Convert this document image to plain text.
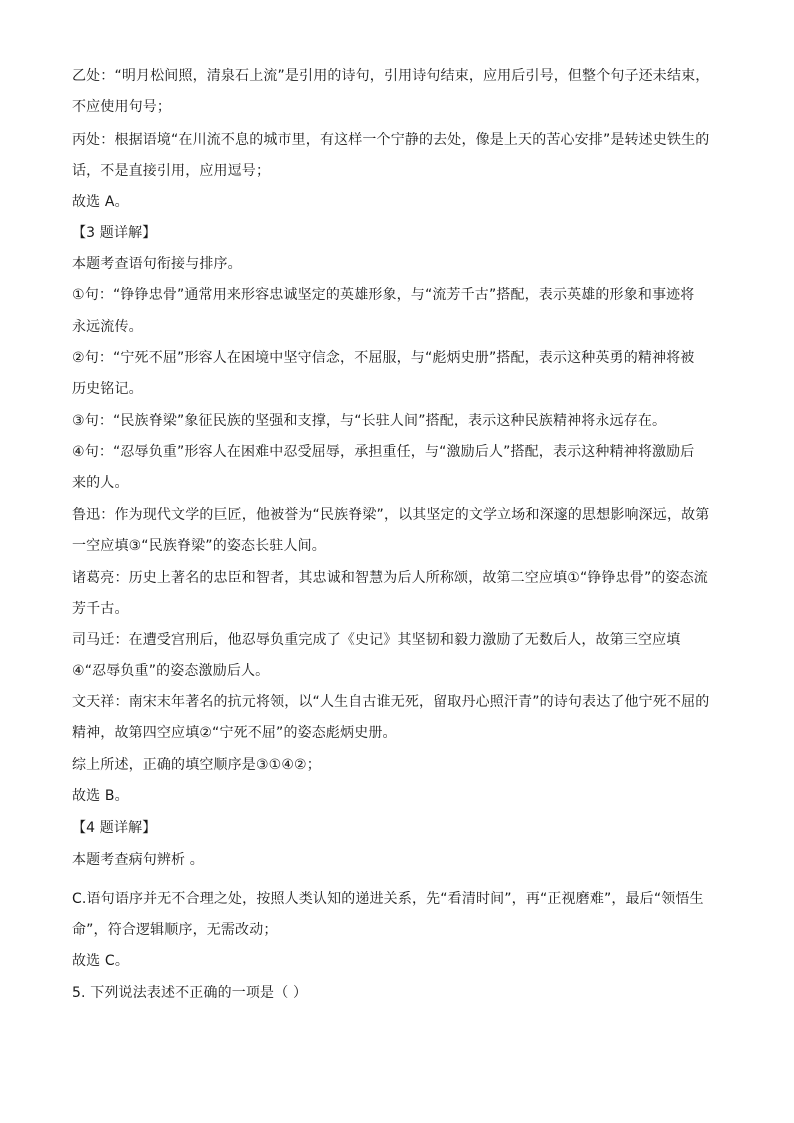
乙处：“明月松间照，清泉石上流”是引用的诗句，引用诗句结束，应用后引号，但整个句子还未结束，
不应使用句号；
丙处：根据语境“在川流不息的城市里，有这样一个宁静的去处，像是上天的苦心安排”是转述史铁生的
话，不是直接引用，应用逗号；
故选 A。
【3 题详解】
本题考查语句衔接与排序。
①句：“铮铮忠骨”通常用来形容忠诚坚定的英雄形象，与“流芳千古”搭配，表示英雄的形象和事迹将
永远流传。
②句：“宁死不屈”形容人在困境中坚守信念，不屈服，与“彪炳史册”搭配，表示这种英勇的精神将被
历史铭记。
③句：“民族脊梁”象征民族的坚强和支撑，与“长驻人间”搭配，表示这种民族精神将永远存在。
④句：“忍辱负重”形容人在困难中忍受屈辱，承担重任，与“激励后人”搭配，表示这种精神将激励后
来的人。
鲁迅：作为现代文学的巨匠，他被誉为“民族脊梁”，以其坚定的文学立场和深邃的思想影响深远，故第
一空应填③“民族脊梁”的姿态长驻人间。
诸葛亮：历史上著名的忠臣和智者，其忠诚和智慧为后人所称颂，故第二空应填①“铮铮忠骨”的姿态流
芳千古。
司马迁：在遭受宫刑后，他忍辱负重完成了《史记》其坚韧和毅力激励了无数后人，故第三空应填
④“忍辱负重”的姿态激励后人。
文天祥：南宋末年著名的抗元将领，以“人生自古谁无死，留取丹心照汗青”的诗句表达了他宁死不屈的
精神，故第四空应填②“宁死不屈”的姿态彪炳史册。
综上所述，正确的填空顺序是③①④②；
故选 B。
【4 题详解】
本题考查病句辨析 。
C.语句语序并无不合理之处，按照人类认知的递进关系，先“看清时间”，再“正视磨难”，最后“领悟生
命”，符合逻辑顺序，无需改动；
故选 C。
5. 下列说法表述不正确的一项是（ ）
